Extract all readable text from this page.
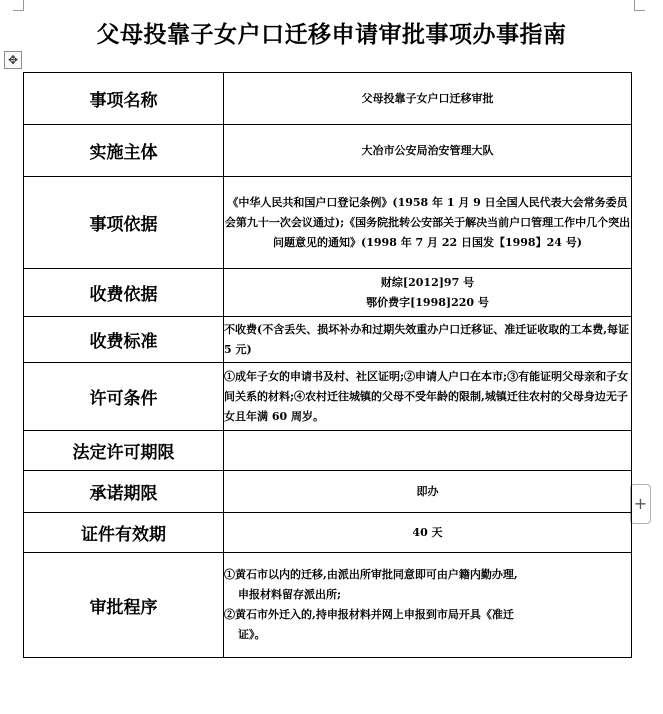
父母投靠子女户口迁移申请审批事项办事指南
✥
+
事项名称	父母投靠子女户口迁移审批

实施主体	大冶市公安局治安管理大队

事项依据	《中华人民共和国户口登记条例》(1958 年 1 月 9 日全国人民代表大会常务委员会第九十一次会议通过);《国务院批转公安部关于解决当前户口管理工作中几个突出问题意见的通知》(1998 年 7 月 22 日国发【1998】24 号)

收费依据	财综[2012]97 号
鄂价费字[1998]220 号

收费标准	不收费(不含丢失、损坏补办和过期失效重办户口迁移证、准迁证收取的工本费,每证 5 元)

许可条件	①成年子女的申请书及村、社区证明;②申请人户口在本市;③有能证明父母亲和子女间关系的材料;④农村迁往城镇的父母不受年龄的限制,城镇迁往农村的父母身边无子女且年满 60 周岁。

法定许可期限	

承诺期限	即办

证件有效期	40 天

审批程序	①黄石市以内的迁移,由派出所审批同意即可由户籍内勤办理,
申报材料留存派出所;
②黄石市外迁入的,持申报材料并网上申报到市局开具《准迁
证》。
